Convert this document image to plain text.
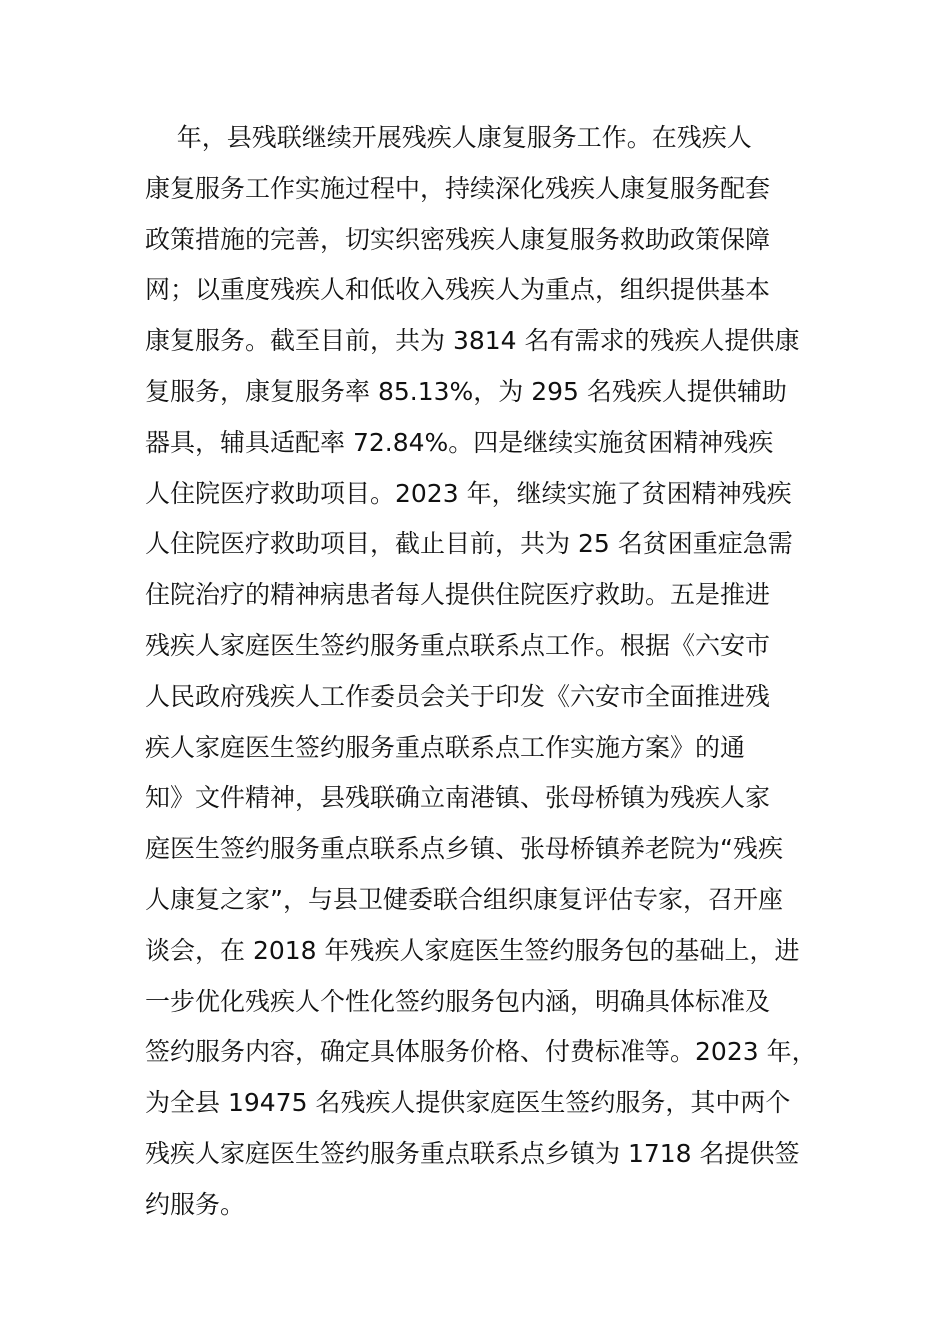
年，县残联继续开展残疾人康复服务工作。在残疾人
康复服务工作实施过程中，持续深化残疾人康复服务配套
政策措施的完善，切实织密残疾人康复服务救助政策保障
网；以重度残疾人和低收入残疾人为重点，组织提供基本
康复服务。截至目前，共为 3814 名有需求的残疾人提供康
复服务，康复服务率 85.13%，为 295 名残疾人提供辅助
器具，辅具适配率 72.84%。四是继续实施贫困精神残疾
人住院医疗救助项目。2023 年，继续实施了贫困精神残疾
人住院医疗救助项目，截止目前，共为 25 名贫困重症急需
住院治疗的精神病患者每人提供住院医疗救助。五是推进
残疾人家庭医生签约服务重点联系点工作。根据《六安市
人民政府残疾人工作委员会关于印发《六安市全面推进残
疾人家庭医生签约服务重点联系点工作实施方案》的通
知》文件精神，县残联确立南港镇、张母桥镇为残疾人家
庭医生签约服务重点联系点乡镇、张母桥镇养老院为“残疾
人康复之家”，与县卫健委联合组织康复评估专家，召开座
谈会，在 2018 年残疾人家庭医生签约服务包的基础上，进
一步优化残疾人个性化签约服务包内涵，明确具体标准及
签约服务内容，确定具体服务价格、付费标准等。2023 年，
为全县 19475 名残疾人提供家庭医生签约服务，其中两个
残疾人家庭医生签约服务重点联系点乡镇为 1718 名提供签
约服务。
